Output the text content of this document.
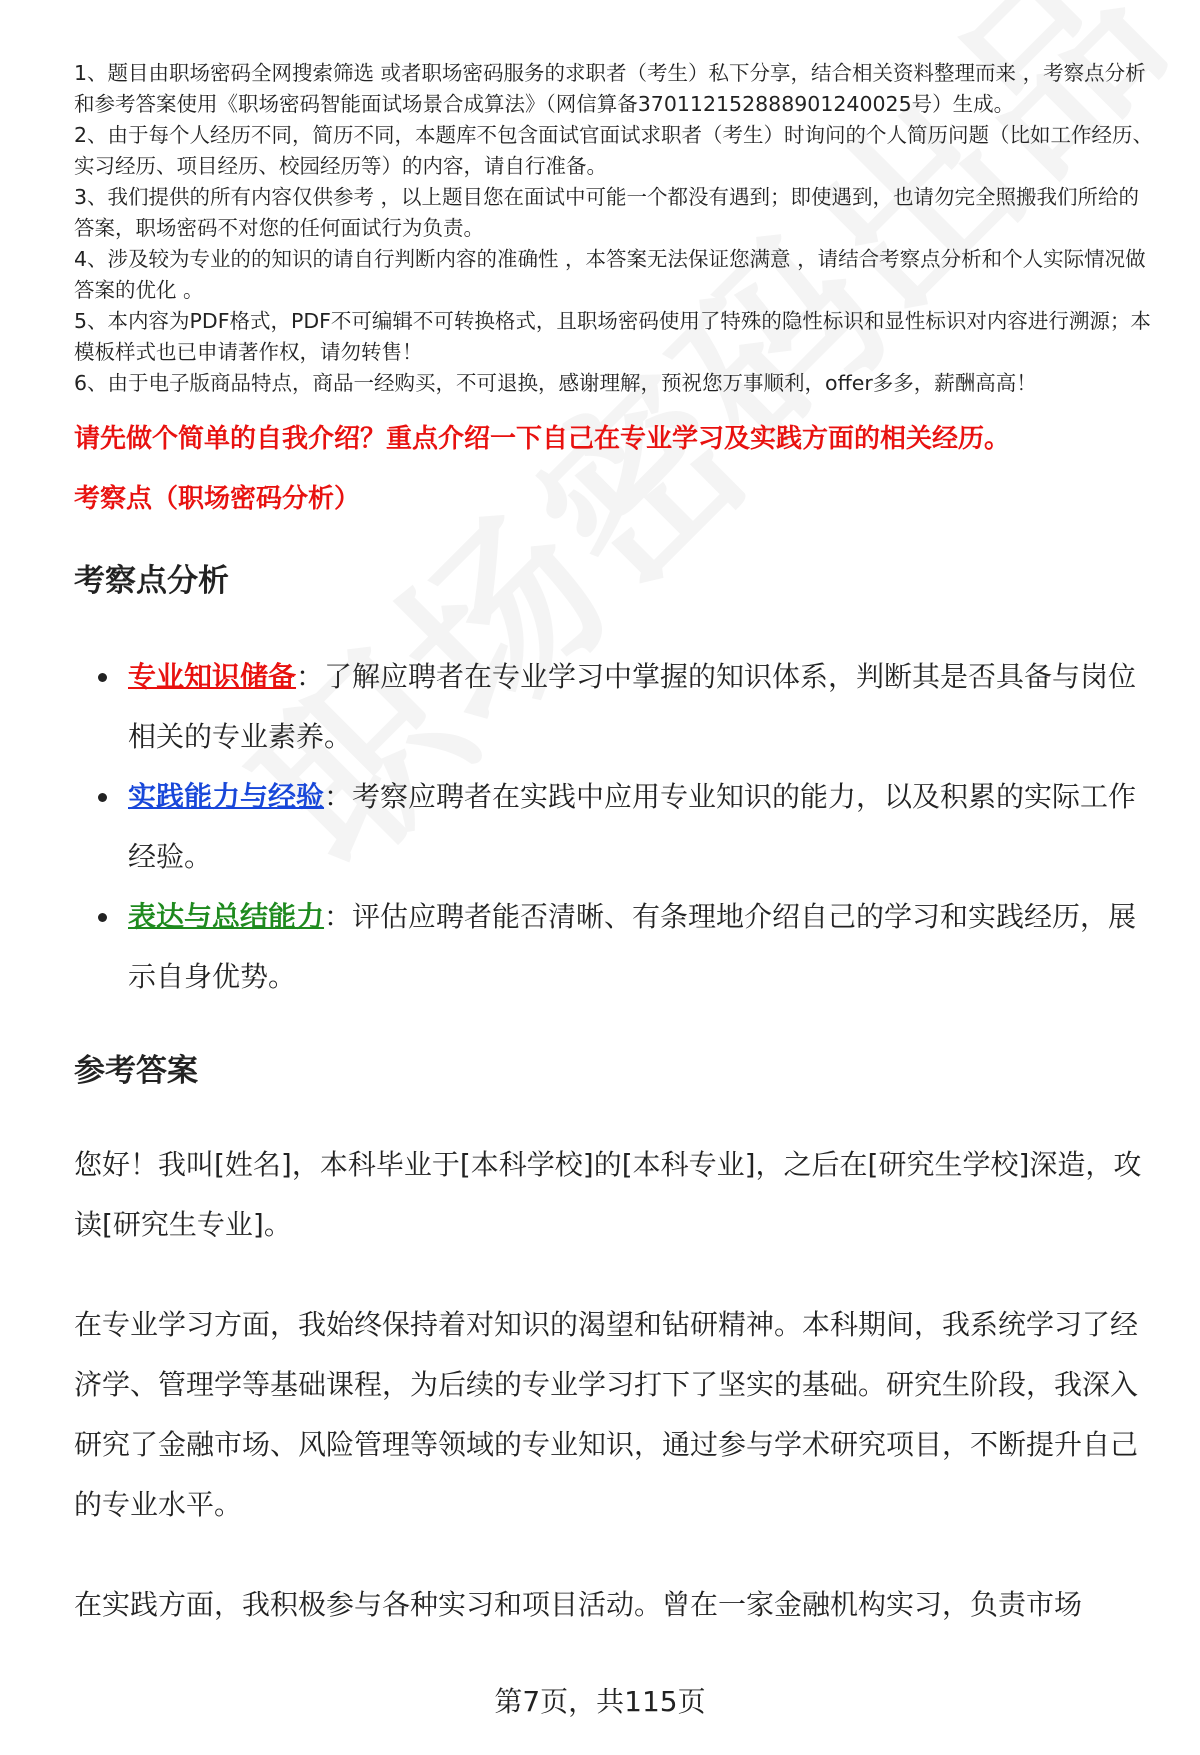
1、题目由职场密码全网搜索筛选 或者职场密码服务的求职者（考生）私下分享，结合相关资料整理而来 ，考察点分析和参考答案使用《职场密码智能面试场景合成算法》（网信算备370112152888901240025号）生成。
2、由于每个人经历不同，简历不同，本题库不包含面试官面试求职者（考生）时询问的个人简历问题（比如工作经历、实习经历、项目经历、校园经历等）的内容，请自行准备。
3、我们提供的所有内容仅供参考 ，以上题目您在面试中可能一个都没有遇到；即使遇到，也请勿完全照搬我们所给的答案，职场密码不对您的任何面试行为负责。
4、涉及较为专业的的知识的请自行判断内容的准确性 ，本答案无法保证您满意 ，请结合考察点分析和个人实际情况做答案的优化 。
5、本内容为PDF格式，PDF不可编辑不可转换格式，且职场密码使用了特殊的隐性标识和显性标识对内容进行溯源；本模板样式也已申请著作权，请勿转售！
6、由于电子版商品特点，商品一经购买，不可退换，感谢理解，预祝您万事顺利，offer多多，薪酬高高！
请先做个简单的自我介绍？重点介绍一下自己在专业学习及实践方面的相关经历。
考察点（职场密码分析）
考察点分析
专业知识储备：了解应聘者在专业学习中掌握的知识体系，判断其是否具备与岗位相关的专业素养。
实践能力与经验：考察应聘者在实践中应用专业知识的能力，以及积累的实际工作经验。
表达与总结能力：评估应聘者能否清晰、有条理地介绍自己的学习和实践经历，展示自身优势。
参考答案

您好！我叫[姓名]，本科毕业于[本科学校]的[本科专业]，之后在[研究生学校]深造，攻读[研究生专业]。

在专业学习方面，我始终保持着对知识的渴望和钻研精神。本科期间，我系统学习了经济学、管理学等基础课程，为后续的专业学习打下了坚实的基础。研究生阶段，我深入研究了金融市场、风险管理等领域的专业知识，通过参与学术研究项目，不断提升自己的专业水平。

在实践方面，我积极参与各种实习和项目活动。曾在一家金融机构实习，负责市场

第7页，共115页
